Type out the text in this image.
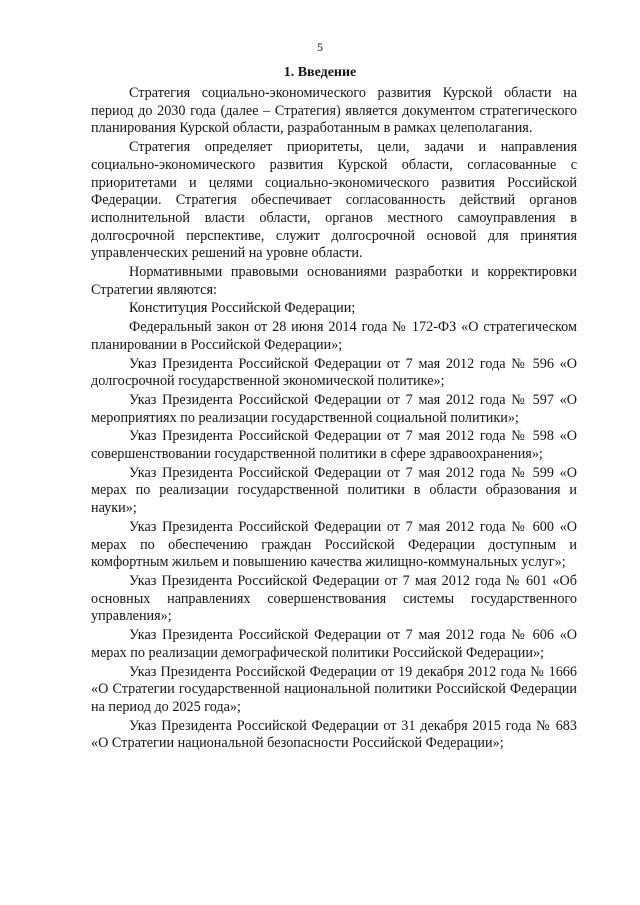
5
1. Введение

Стратегия социально-экономического развития Курской области на период до 2030 года (далее – Стратегия) является документом стратегического планирования Курской области, разработанным в рамках целеполагания.

Стратегия определяет приоритеты, цели, задачи и направления социально-экономического развития Курской области, согласованные с приоритетами и целями социально-экономического развития Российской Федерации. Стратегия обеспечивает согласованность действий органов исполнительной власти области, органов местного самоуправления в долгосрочной перспективе, служит долгосрочной основой для принятия управленческих решений на уровне области.

Нормативными правовыми основаниями разработки и корректировки Стратегии являются:

Конституция Российской Федерации;

Федеральный закон от 28 июня 2014 года № 172-ФЗ «О стратегическом планировании в Российской Федерации»;

Указ Президента Российской Федерации от 7 мая 2012 года № 596 «О долгосрочной государственной экономической политике»;

Указ Президента Российской Федерации от 7 мая 2012 года № 597 «О мероприятиях по реализации государственной социальной политики»;

Указ Президента Российской Федерации от 7 мая 2012 года № 598 «О совершенствовании государственной политики в сфере здравоохранения»;

Указ Президента Российской Федерации от 7 мая 2012 года № 599 «О мерах по реализации государственной политики в области образования и науки»;

Указ Президента Российской Федерации от 7 мая 2012 года № 600 «О мерах по обеспечению граждан Российской Федерации доступным и комфортным жильем и повышению качества жилищно-коммунальных услуг»;

Указ Президента Российской Федерации от 7 мая 2012 года № 601 «Об основных направлениях совершенствования системы государственного управления»;

Указ Президента Российской Федерации от 7 мая 2012 года № 606 «О мерах по реализации демографической политики Российской Федерации»;

Указ Президента Российской Федерации от 19 декабря 2012 года № 1666 «О Стратегии государственной национальной политики Российской Федерации на период до 2025 года»;

Указ Президента Российской Федерации от 31 декабря 2015 года № 683 «О Стратегии национальной безопасности Российской Федерации»;
